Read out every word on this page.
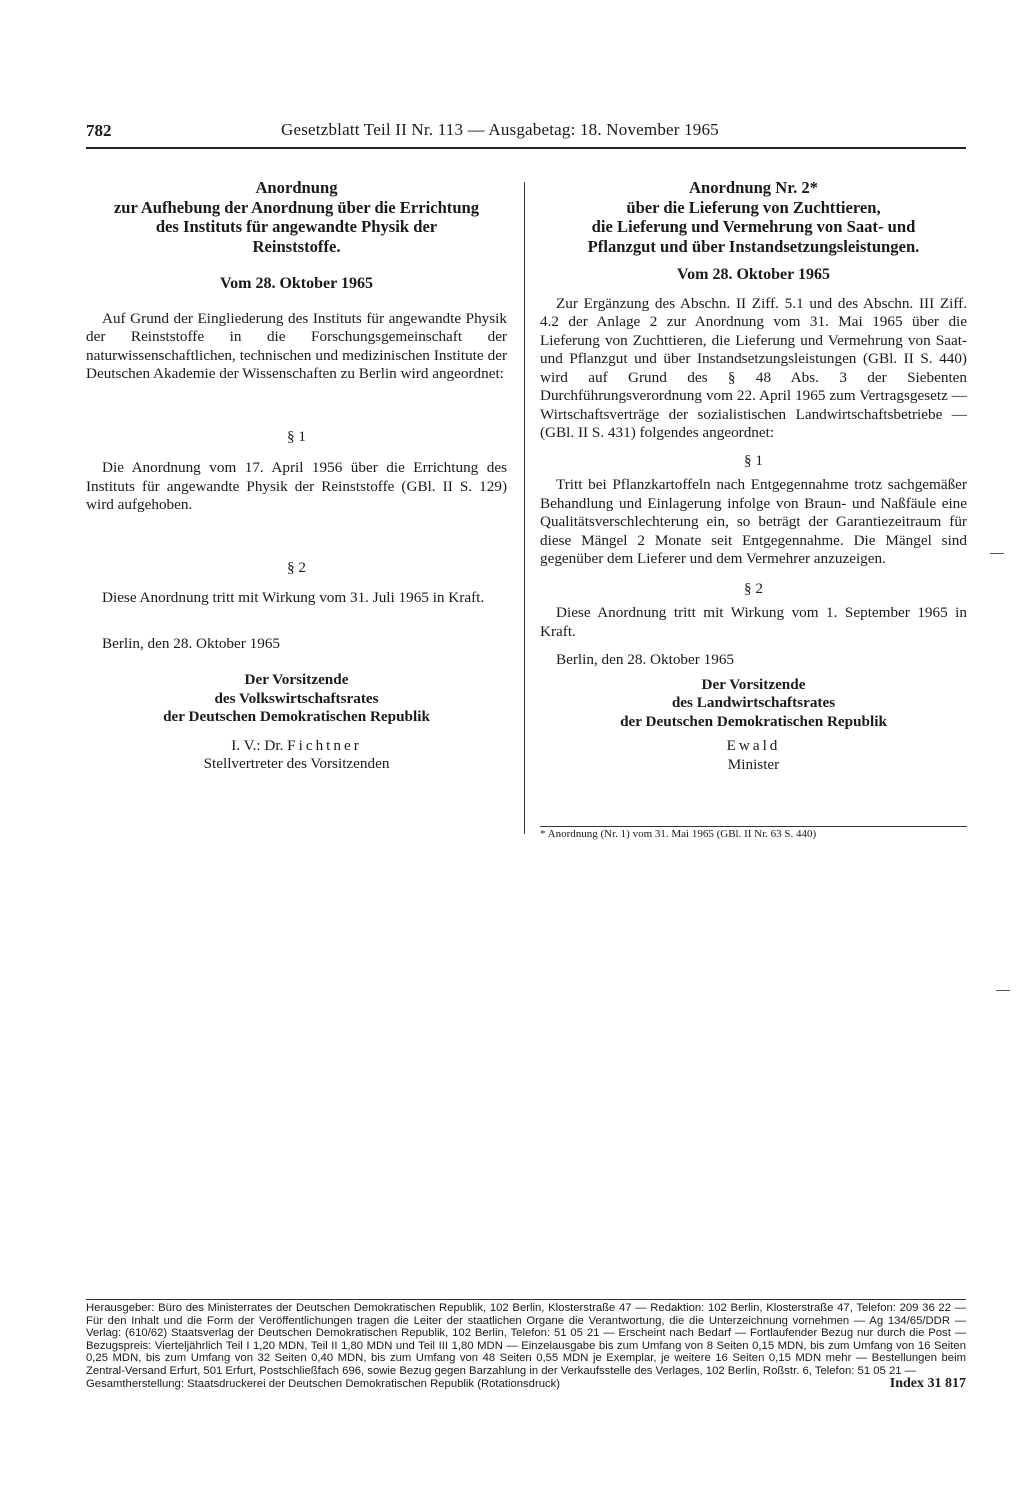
782	Gesetzblatt Teil II Nr. 113 — Ausgabetag: 18. November 1965
Anordnung
zur Aufhebung der Anordnung über die Errichtung
des Instituts für angewandte Physik der
Reinststoffe.

Vom 28. Oktober 1965

Auf Grund der Eingliederung des Instituts für angewandte Physik der Reinststoffe in die Forschungsgemeinschaft der naturwissenschaftlichen, technischen und medizinischen Institute der Deutschen Akademie der Wissenschaften zu Berlin wird angeordnet:

§ 1

Die Anordnung vom 17. April 1956 über die Errichtung des Instituts für angewandte Physik der Reinststoffe (GBl. II S. 129) wird aufgehoben.

§ 2

Diese Anordnung tritt mit Wirkung vom 31. Juli 1965 in Kraft.

Berlin, den 28. Oktober 1965

Der Vorsitzende
des Volkswirtschaftsrates
der Deutschen Demokratischen Republik
I. V.: Dr. Fichtner
Stellvertreter des Vorsitzenden
Anordnung Nr. 2*
über die Lieferung von Zuchttieren,
die Lieferung und Vermehrung von Saat- und
Pflanzgut und über Instandsetzungsleistungen.

Vom 28. Oktober 1965

Zur Ergänzung des Abschn. II Ziff. 5.1 und des Abschn. III Ziff. 4.2 der Anlage 2 zur Anordnung vom 31. Mai 1965 über die Lieferung von Zuchttieren, die Lieferung und Vermehrung von Saat- und Pflanzgut und über Instandsetzungsleistungen (GBl. II S. 440) wird auf Grund des § 48 Abs. 3 der Siebenten Durchführungsverordnung vom 22. April 1965 zum Vertragsgesetz — Wirtschaftsverträge der sozialistischen Landwirtschaftsbetriebe — (GBl. II S. 431) folgendes angeordnet:

§ 1

Tritt bei Pflanzkartoffeln nach Entgegennahme trotz sachgemäßer Behandlung und Einlagerung infolge von Braun- und Naßfäule eine Qualitätsverschlechterung ein, so beträgt der Garantiezeitraum für diese Mängel 2 Monate seit Entgegennahme. Die Mängel sind gegenüber dem Lieferer und dem Vermehrer anzuzeigen.

§ 2

Diese Anordnung tritt mit Wirkung vom 1. September 1965 in Kraft.

Berlin, den 28. Oktober 1965

Der Vorsitzende
des Landwirtschaftsrates
der Deutschen Demokratischen Republik
Ewald
Minister
* Anordnung (Nr. 1) vom 31. Mai 1965 (GBl. II Nr. 63 S. 440)
Herausgeber: Büro des Ministerrates der Deutschen Demokratischen Republik, 102 Berlin, Klosterstraße 47 — Redaktion: 102 Berlin, Klosterstraße 47, Telefon: 209 36 22 — Für den Inhalt und die Form der Veröffentlichungen tragen die Leiter der staatlichen Organe die Verantwortung, die die Unterzeichnung vornehmen — Ag 134/65/DDR — Verlag: (610/62) Staatsverlag der Deutschen Demokratischen Republik, 102 Berlin, Telefon: 51 05 21 — Erscheint nach Bedarf — Fortlaufender Bezug nur durch die Post — Bezugspreis: Vierteljährlich Teil I 1,20 MDN, Teil II 1,80 MDN und Teil III 1,80 MDN — Einzelausgabe bis zum Umfang von 8 Seiten 0,15 MDN, bis zum Umfang von 16 Seiten 0,25 MDN, bis zum Umfang von 32 Seiten 0,40 MDN, bis zum Umfang von 48 Seiten 0,55 MDN je Exemplar, je weitere 16 Seiten 0,15 MDN mehr — Bestellungen beim Zentral-Versand Erfurt, 501 Erfurt, Postschließfach 696, sowie Bezug gegen Barzahlung in der Verkaufsstelle des Verlages, 102 Berlin, Roßstr. 6, Telefon: 51 05 21 —
Gesamtherstellung: Staatsdruckerei der Deutschen Demokratischen Republik (Rotationsdruck)	Index 31 817
